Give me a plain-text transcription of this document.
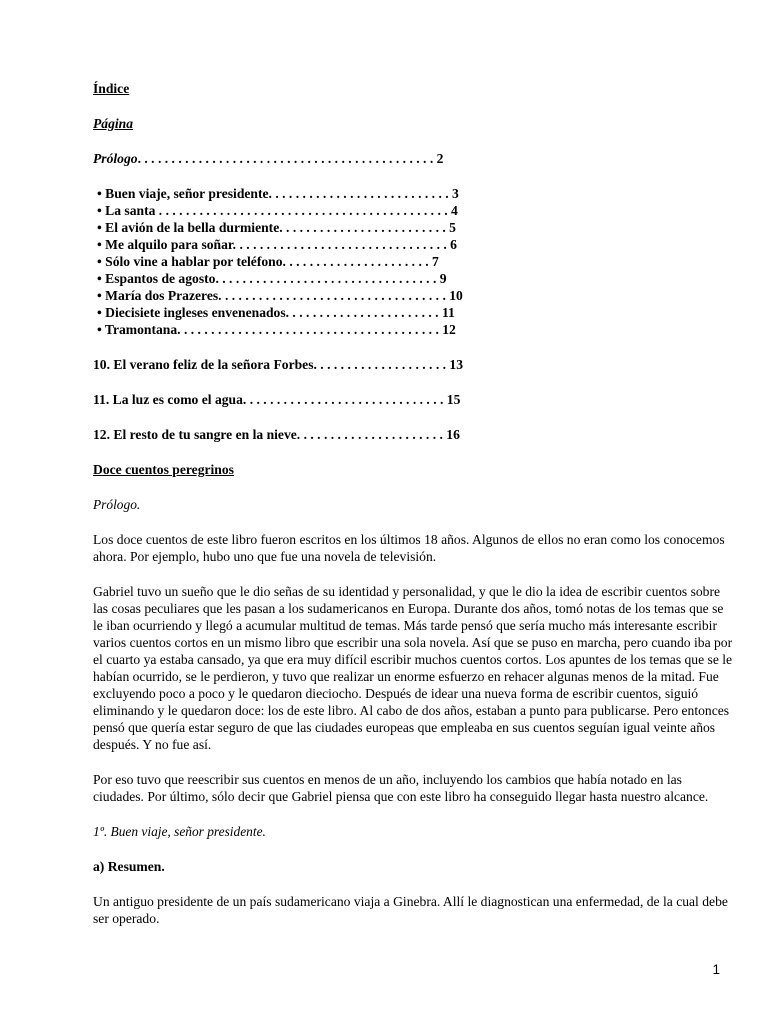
Índice
Página
Prólogo. . . . . . . . . . . . . . . . . . . . . . . . . . . . . . . . . . . . . . . . . . . . 2
• Buen viaje, señor presidente. . . . . . . . . . . . . . . . . . . . . . . . . . . 3
• La santa . . . . . . . . . . . . . . . . . . . . . . . . . . . . . . . . . . . . . . . . . . . 4
• El avión de la bella durmiente. . . . . . . . . . . . . . . . . . . . . . . . . 5
• Me alquilo para soñar. . . . . . . . . . . . . . . . . . . . . . . . . . . . . . . . 6
• Sólo vine a hablar por teléfono. . . . . . . . . . . . . . . . . . . . . . 7
• Espantos de agosto. . . . . . . . . . . . . . . . . . . . . . . . . . . . . . . . . 9
• María dos Prazeres. . . . . . . . . . . . . . . . . . . . . . . . . . . . . . . . . . 10
• Diecisiete ingleses envenenados. . . . . . . . . . . . . . . . . . . . . . . 11
• Tramontana. . . . . . . . . . . . . . . . . . . . . . . . . . . . . . . . . . . . . . . 12
10. El verano feliz de la señora Forbes. . . . . . . . . . . . . . . . . . . . 13
11. La luz es como el agua. . . . . . . . . . . . . . . . . . . . . . . . . . . . . . 15
12. El resto de tu sangre en la nieve. . . . . . . . . . . . . . . . . . . . . . 16
Doce cuentos peregrinos
Prólogo.

Los doce cuentos de este libro fueron escritos en los últimos 18 años. Algunos de ellos no eran como los conocemos ahora. Por ejemplo, hubo uno que fue una novela de televisión.

Gabriel tuvo un sueño que le dio señas de su identidad y personalidad, y que le dio la idea de escribir cuentos sobre las cosas peculiares que les pasan a los sudamericanos en Europa. Durante dos años, tomó notas de los temas que se le iban ocurriendo y llegó a acumular multitud de temas. Más tarde pensó que sería mucho más interesante escribir varios cuentos cortos en un mismo libro que escribir una sola novela. Así que se puso en marcha, pero cuando iba por el cuarto ya estaba cansado, ya que era muy difícil escribir muchos cuentos cortos. Los apuntes de los temas que se le habían ocurrido, se le perdieron, y tuvo que realizar un enorme esfuerzo en rehacer algunas menos de la mitad. Fue excluyendo poco a poco y le quedaron dieciocho. Después de idear una nueva forma de escribir cuentos, siguió eliminando y le quedaron doce: los de este libro. Al cabo de dos años, estaban a punto para publicarse. Pero entonces pensó que quería estar seguro de que las ciudades europeas que empleaba en sus cuentos seguían igual veinte años después. Y no fue así.

Por eso tuvo que reescribir sus cuentos en menos de un año, incluyendo los cambios que había notado en las ciudades. Por último, sólo decir que Gabriel piensa que con este libro ha conseguido llegar hasta nuestro alcance.

1º. Buen viaje, señor presidente.
a) Resumen.

Un antiguo presidente de un país sudamericano viaja a Ginebra. Allí le diagnostican una enfermedad, de la cual debe ser operado.

1
